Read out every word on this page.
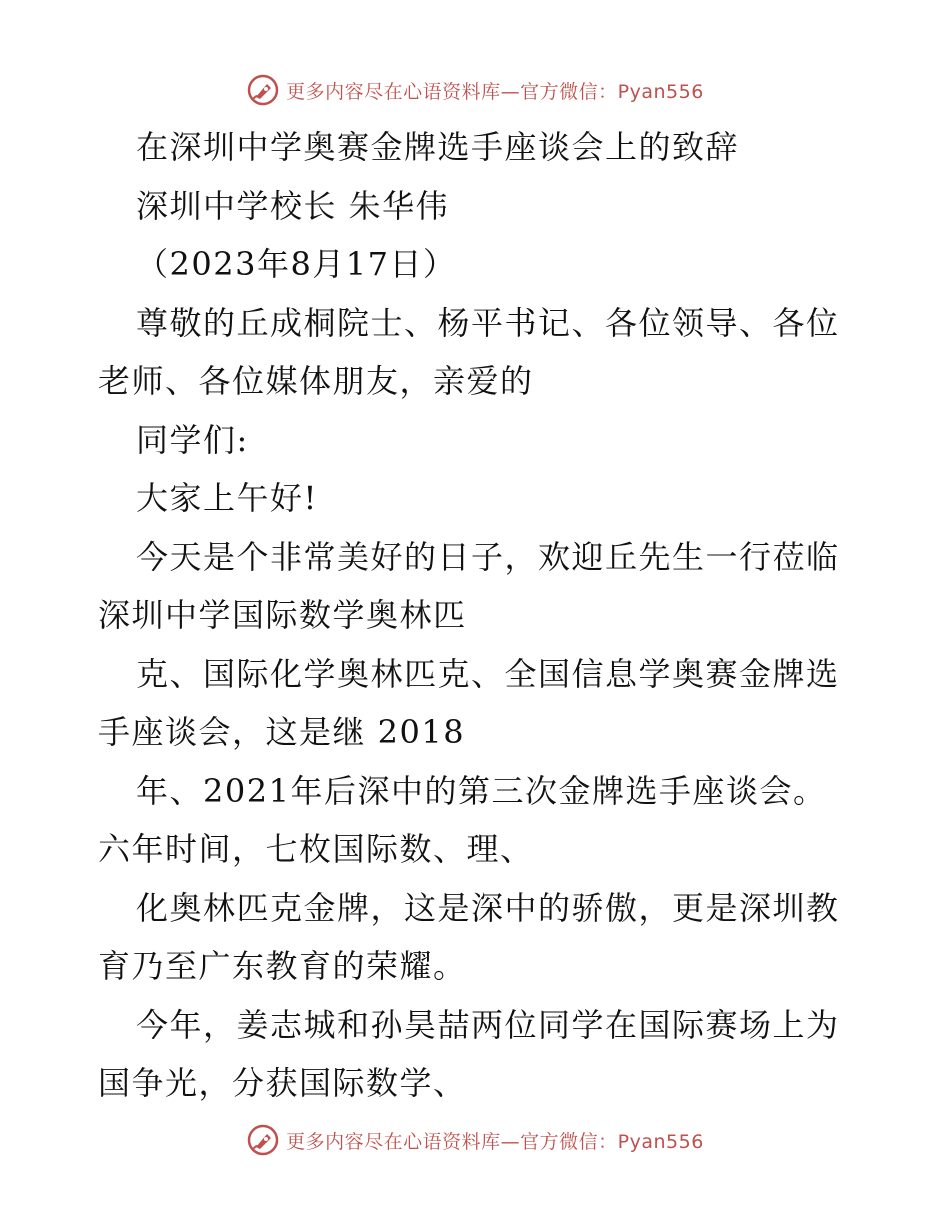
更多内容尽在心语资料库—官方微信：Pyan556
在深圳中学奥赛金牌选手座谈会上的致辞
深圳中学校长 朱华伟
（2023年8月17日）
尊敬的丘成桐院士、杨平书记、各位领导、各位
老师、各位媒体朋友，亲爱的
同学们:
大家上午好!
今天是个非常美好的日子，欢迎丘先生一行莅临
深圳中学国际数学奥林匹
克、国际化学奥林匹克、全国信息学奥赛金牌选
手座谈会，这是继 2018
年、2021年后深中的第三次金牌选手座谈会。
六年时间，七枚国际数、理、
化奥林匹克金牌，这是深中的骄傲，更是深圳教
育乃至广东教育的荣耀。
今年，姜志城和孙昊喆两位同学在国际赛场上为
国争光，分获国际数学、
更多内容尽在心语资料库—官方微信：Pyan556
